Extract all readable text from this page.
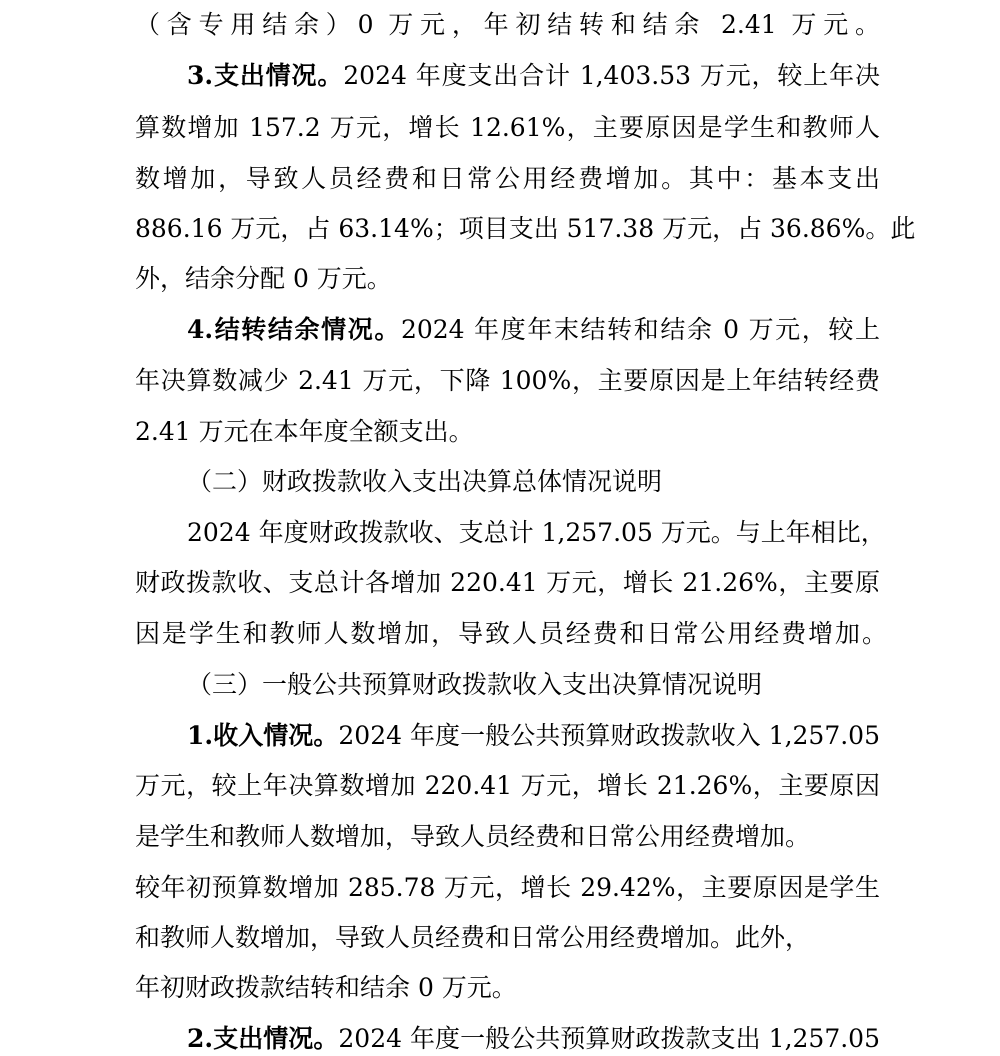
（含专用结余）0 万元，年初结转和结余 2.41 万元。
3.支出情况。2024 年度支出合计 1,403.53 万元，较上年决
算数增加 157.2 万元，增长 12.61%，主要原因是学生和教师人
数增加，导致人员经费和日常公用经费增加。其中：基本支出
886.16 万元，占 63.14%；项目支出 517.38 万元，占 36.86%。此
外，结余分配 0 万元。
4.结转结余情况。2024 年度年末结转和结余 0 万元，较上
年决算数减少 2.41 万元，下降 100%，主要原因是上年结转经费
2.41 万元在本年度全额支出。
（二）财政拨款收入支出决算总体情况说明
2024 年度财政拨款收、支总计 1,257.05 万元。与上年相比，
财政拨款收、支总计各增加 220.41 万元，增长 21.26%，主要原
因是学生和教师人数增加，导致人员经费和日常公用经费增加。
（三）一般公共预算财政拨款收入支出决算情况说明
1.收入情况。2024 年度一般公共预算财政拨款收入 1,257.05
万元，较上年决算数增加 220.41 万元，增长 21.26%，主要原因
是学生和教师人数增加，导致人员经费和日常公用经费增加。
较年初预算数增加 285.78 万元，增长 29.42%，主要原因是学生
和教师人数增加，导致人员经费和日常公用经费增加。此外，
年初财政拨款结转和结余 0 万元。
2.支出情况。2024 年度一般公共预算财政拨款支出 1,257.05
